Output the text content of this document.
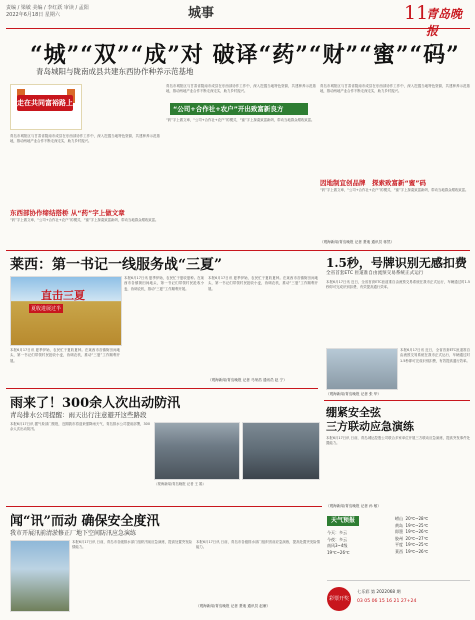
责编 / 梁敏 美编 / 李红跃 审读 / 孟阳
2022年6月18日 星期六	城事	11
青岛晚报
“城”“双”“成”对 破译“药”“财”“蜜”“码”
青岛城阳与陇南成县共建东西协作种养示范基地
走在共同富裕路上
青岛市城阳区与甘肃省陇南市成县在东西部协作工作中，深入挖掘当地特色资源，共建种养示范基地，推动两地产业合作不断走深走实，助力乡村振兴。
东西部协作缔结搭桥 从“药”字上做文章
“药”字上做文章，“公司+合作社+农户”的模式，“蜜”字上探索致富新码，带动当地群众增收致富。
青岛市城阳区与甘肃省陇南市成县在东西部协作工作中，深入挖掘当地特色资源，共建种养示范基地，推动两地产业合作不断走深走实，助力乡村振兴。
“公司+合作社+农户”开出致富新良方
“药”字上做文章，“公司+合作社+农户”的模式，“蜜”字上探索致富新码，带动当地群众增收致富。
青岛市城阳区与甘肃省陇南市成县在东西部协作工作中，深入挖掘当地特色资源，共建种养示范基地，推动两地产业合作不断走深走实，助力乡村振兴。
因地制宜创品牌　探索致富新“蜜”码
“药”字上做文章，“公司+合作社+农户”的模式，“蜜”字上探索致富新码，带动当地群众增收致富。
（观海新闻/青岛晚报 记者 萧迪 通讯员 蒋然）
莱西：第一书记一线服务战“三夏”
直击三夏
夏收进展过半
本报6月17日讯 夏季伊始，农民忙于夏收夏种。在莱西市各镇街田间地头，第一书记们带领村民抢收小麦，协调农机，推动“三夏”工作顺利开展。
本报6月17日讯 夏季伊始，农民忙于夏收夏种。在莱西市各镇街田间地头，第一书记们带领村民抢收小麦，协调农机，推动“三夏”工作顺利开展。
本报6月17日讯 夏季伊始，农民忙于夏收夏种。在莱西市各镇街田间地头，第一书记们带领村民抢收小麦，协调农机，推动“三夏”工作顺利开展。
（观海新闻/青岛晚报 记者 马荣浩 通讯员 赵 宁）
雨来了！300余人次出动防汛
青岛排水公司提醒：雨天出行注意避开这些路段
本报6月17日讯 据气象部门预报，近期我市将迎来强降雨天气，青岛排水公司提前部署，300余人次出动防汛。
（观海新闻/青岛晚报 记者 王 娟）
闻“讯”而动 确保安全度汛
我市开展汛前清淤修正厂地下空间防汛应急演练
本报6月17日讯 日前，青岛市各级排水部门组织汛前应急演练，提高处置突发险情能力。
本报6月17日讯 日前，青岛市各级排水部门组织汛前应急演练，提高处置突发险情能力。
（观海新闻/青岛晚报 记者 萧迪 通讯员 赵雁）
1.5秒，号牌识别无感扣费
全省首套ETC 匝道准自由流预交易系统正式运行
本报6月17日讯 近日，全省首套ETC匝道准自由流预交易系统在我市正式运行，车辆通过时1.5秒即可完成识别扣费，有效提高通行效率。
本报6月17日讯 近日，全省首套ETC匝道准自由流预交易系统在我市正式运行，车辆通过时1.5秒即可完成识别扣费，有效提高通行效率。
（观海新闻/青岛晚报 记者 张 华）
绷紧安全弦
三方联动应急演练
本报6月17日讯 日前，青岛城运控股公司联合多家单位开展三方联动应急演练，提高突发事件处置能力。
（观海新闻/青岛晚报 记者 孙 敏）
天气预报
今天：多云
今夜：多云
南风3~4级
19℃~26℃
崂山 20℃~28℃
黄岛 19℃~25℃
即墨 19℃~26℃
胶州 20℃~27℃
平度 19℃~25℃
莱西 19℃~26℃
彩票开奖
七乐彩 第 2022068 期
03 05 06 15 16 21 27+24
